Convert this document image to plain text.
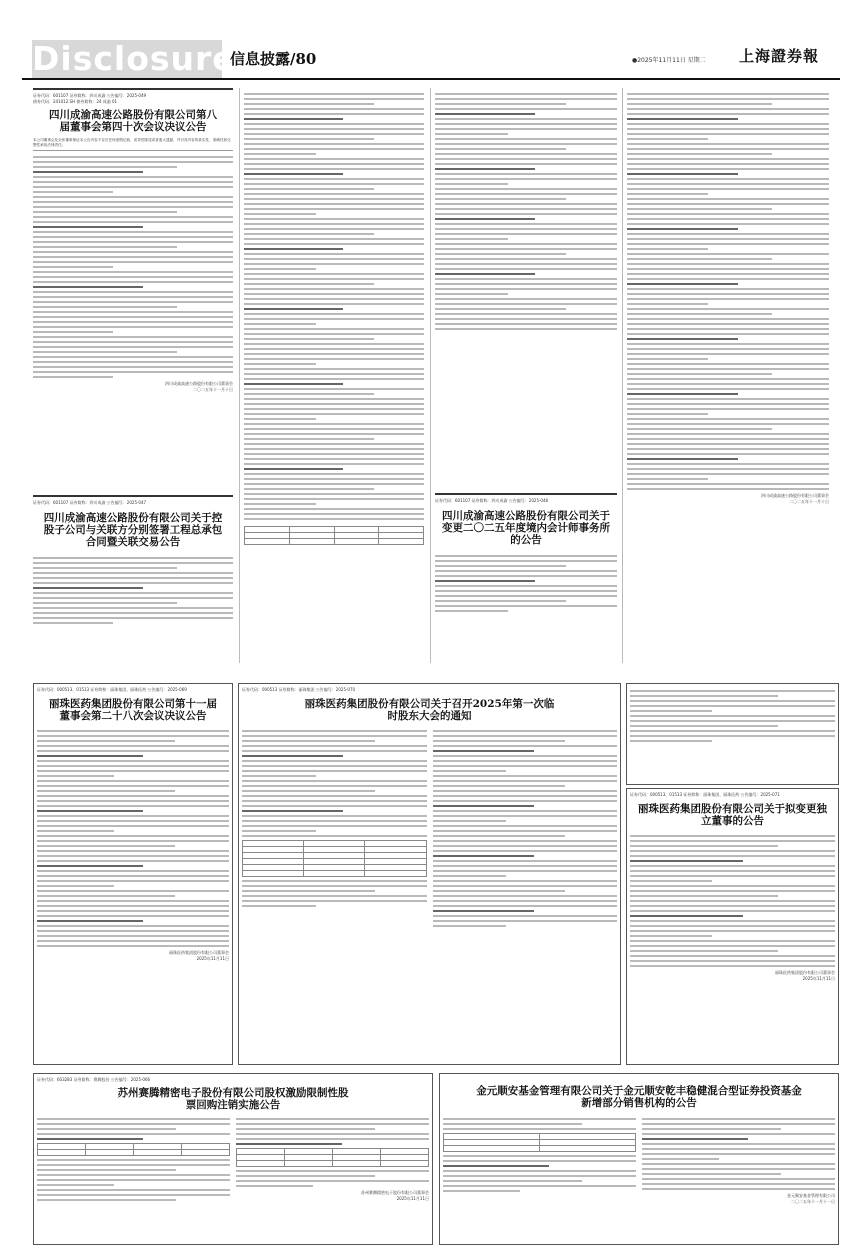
Disclosure
信息披露/80	●2025年11月11日 星期二 上海證券報
证券代码：601107 证券简称：四川成渝 公告编号：2025-049
债券代码：241012.SH 债券简称：24 成渝 01
四川成渝高速公路股份有限公司第八届董事会第四十次会议决议公告
本公司董事会及全体董事保证本公告内容不存在任何虚假记载、误导性陈述或者重大遗漏，并对其内容的真实性、准确性和完整性承担法律责任。
四川成渝高速公路股份有限公司董事会
二〇二五年十一月十日
证券代码：601107 证券简称：四川成渝 公告编号：2025-047
四川成渝高速公路股份有限公司关于控股子公司与关联方分别签署工程总承包合同暨关联交易公告

证券代码：601107 证券简称：四川成渝 公告编号：2025-048
四川成渝高速公路股份有限公司关于变更二〇二五年度境内会计师事务所的公告
四川成渝高速公路股份有限公司董事会
二〇二五年十一月十日
证券代码：000513、01513 证券简称：丽珠集团、丽珠医药 公告编号：2025-069
丽珠医药集团股份有限公司第十一届董事会第二十八次会议决议公告
丽珠医药集团股份有限公司董事会
2025年11月11日
证券代码：000513 证券简称：丽珠集团 公告编号：2025-070
丽珠医药集团股份有限公司关于召开2025年第一次临时股东大会的通知

证券代码：000513、01513 证券简称：丽珠集团、丽珠医药 公告编号：2025-071
丽珠医药集团股份有限公司关于拟变更独立董事的公告
丽珠医药集团股份有限公司董事会
2025年11月11日
证券代码：603283 证券简称：赛腾股份 公告编号：2025-066
苏州赛腾精密电子股份有限公司股权激励限制性股票回购注销实施公告

苏州赛腾精密电子股份有限公司董事会
2025年11月11日
金元顺安基金管理有限公司关于金元顺安乾丰稳健混合型证券投资基金新增部分销售机构的公告

金元顺安基金管理有限公司
二〇二五年十一月十一日
